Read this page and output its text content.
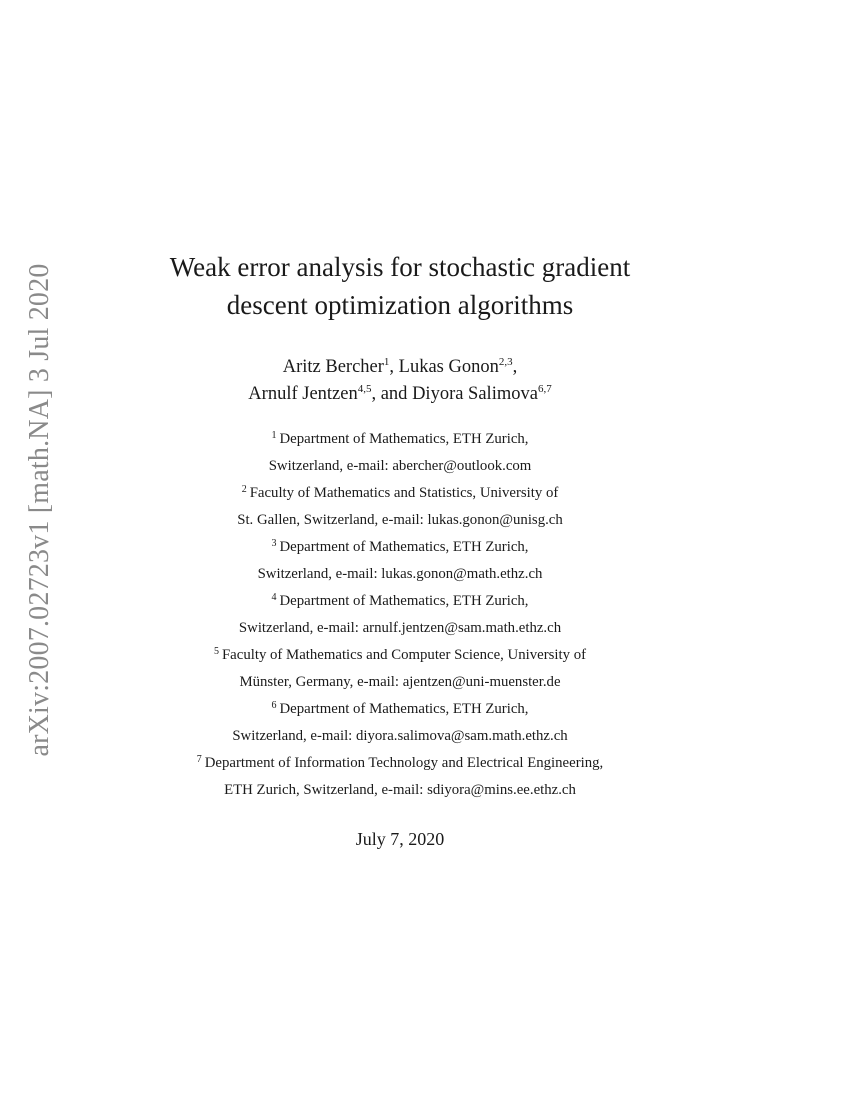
arXiv:2007.02723v1 [math.NA] 3 Jul 2020	Weak error analysis for stochastic gradient
descent optimization algorithms
Aritz Bercher$^1$, Lukas Gonon$^{2,3}$,
Arnulf Jentzen$^{4,5}$, and Diyora Salimova$^{6,7}$
$^1$ Department of Mathematics, ETH Zurich,
Switzerland, e-mail: abercher@outlook.com
$^2$ Faculty of Mathematics and Statistics, University of
St. Gallen, Switzerland, e-mail: lukas.gonon@unisg.ch
$^3$ Department of Mathematics, ETH Zurich,
Switzerland, e-mail: lukas.gonon@math.ethz.ch
$^4$ Department of Mathematics, ETH Zurich,
Switzerland, e-mail: arnulf.jentzen@sam.math.ethz.ch
$^5$ Faculty of Mathematics and Computer Science, University of
Münster, Germany, e-mail: ajentzen@uni-muenster.de
$^6$ Department of Mathematics, ETH Zurich,
Switzerland, e-mail: diyora.salimova@sam.math.ethz.ch
$^7$ Department of Information Technology and Electrical Engineering,
ETH Zurich, Switzerland, e-mail: sdiyora@mins.ee.ethz.ch
July 7, 2020
